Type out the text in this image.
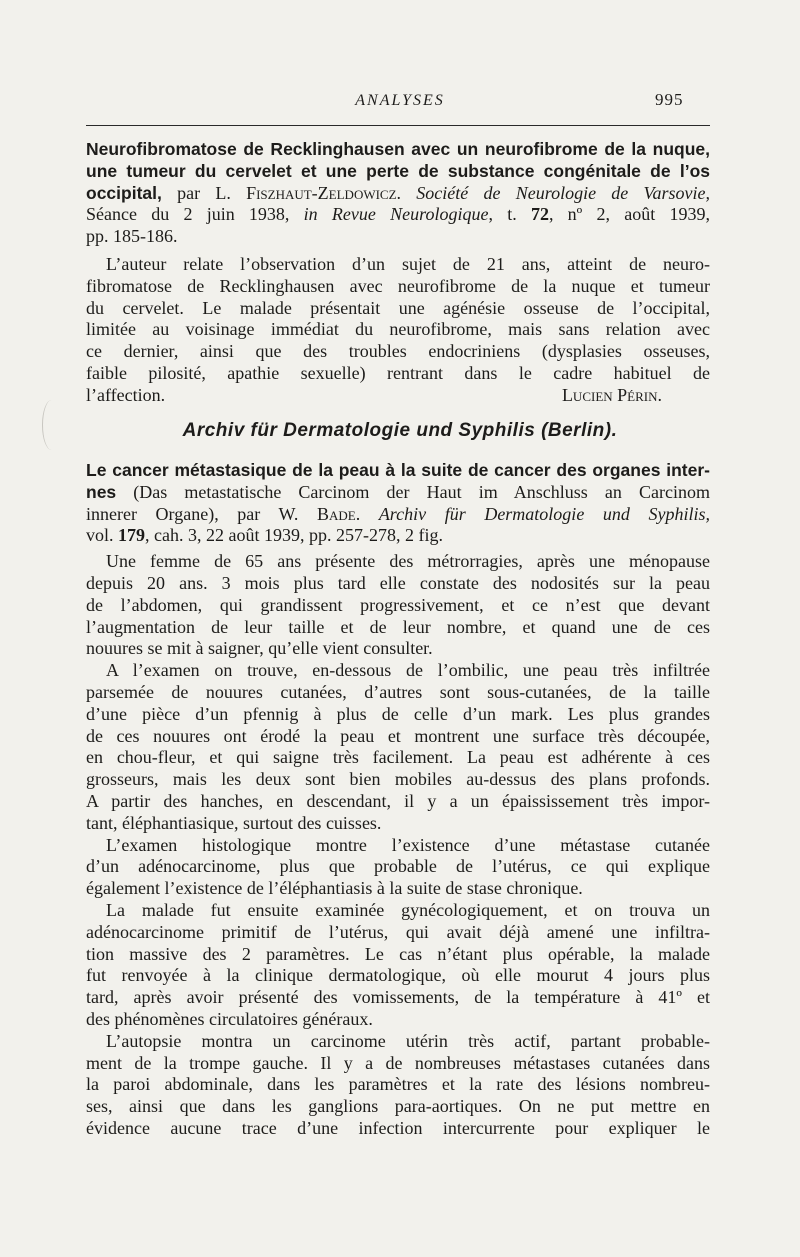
ANALYSES	995
Neurofibromatose de Recklinghausen avec un neurofibrome de la nuque,
une tumeur du cervelet et une perte de substance congénitale de l’os
occipital, par L. Fiszhaut-Zeldowicz. Société de Neurologie de Varsovie,
Séance du 2 juin 1938, in Revue Neurologique, t. 72, nº 2, août 1939,
pp. 185-186.
L’auteur relate l’observation d’un sujet de 21 ans, atteint de neuro-
fibromatose de Recklinghausen avec neurofibrome de la nuque et tumeur
du cervelet. Le malade présentait une agénésie osseuse de l’occipital,
limitée au voisinage immédiat du neurofibrome, mais sans relation avec
ce dernier, ainsi que des troubles endocriniens (dysplasies osseuses,
faible pilosité, apathie sexuelle) rentrant dans le cadre habituel de
l’affection.	Lucien Périn.
Archiv für Dermatologie und Syphilis (Berlin).
Le cancer métastasique de la peau à la suite de cancer des organes inter-
nes (Das metastatische Carcinom der Haut im Anschluss an Carcinom
innerer Organe), par W. Bade. Archiv für Dermatologie und Syphilis,
vol. 179, cah. 3, 22 août 1939, pp. 257-278, 2 fig.
Une femme de 65 ans présente des métrorragies, après une ménopause
depuis 20 ans. 3 mois plus tard elle constate des nodosités sur la peau
de l’abdomen, qui grandissent progressivement, et ce n’est que devant
l’augmentation de leur taille et de leur nombre, et quand une de ces
nouures se mit à saigner, qu’elle vient consulter.
A l’examen on trouve, en-dessous de l’ombilic, une peau très infiltrée
parsemée de nouures cutanées, d’autres sont sous-cutanées, de la taille
d’une pièce d’un pfennig à plus de celle d’un mark. Les plus grandes
de ces nouures ont érodé la peau et montrent une surface très découpée,
en chou-fleur, et qui saigne très facilement. La peau est adhérente à ces
grosseurs, mais les deux sont bien mobiles au-dessus des plans profonds.
A partir des hanches, en descendant, il y a un épaississement très impor-
tant, éléphantiasique, surtout des cuisses.
L’examen histologique montre l’existence d’une métastase cutanée
d’un adénocarcinome, plus que probable de l’utérus, ce qui explique
également l’existence de l’éléphantiasis à la suite de stase chronique.
La malade fut ensuite examinée gynécologiquement, et on trouva un
adénocarcinome primitif de l’utérus, qui avait déjà amené une infiltra-
tion massive des 2 paramètres. Le cas n’étant plus opérable, la malade
fut renvoyée à la clinique dermatologique, où elle mourut 4 jours plus
tard, après avoir présenté des vomissements, de la température à 41º et
des phénomènes circulatoires généraux.
L’autopsie montra un carcinome utérin très actif, partant probable-
ment de la trompe gauche. Il y a de nombreuses métastases cutanées dans
la paroi abdominale, dans les paramètres et la rate des lésions nombreu-
ses, ainsi que dans les ganglions para-aortiques. On ne put mettre en
évidence aucune trace d’une infection intercurrente pour expliquer le
